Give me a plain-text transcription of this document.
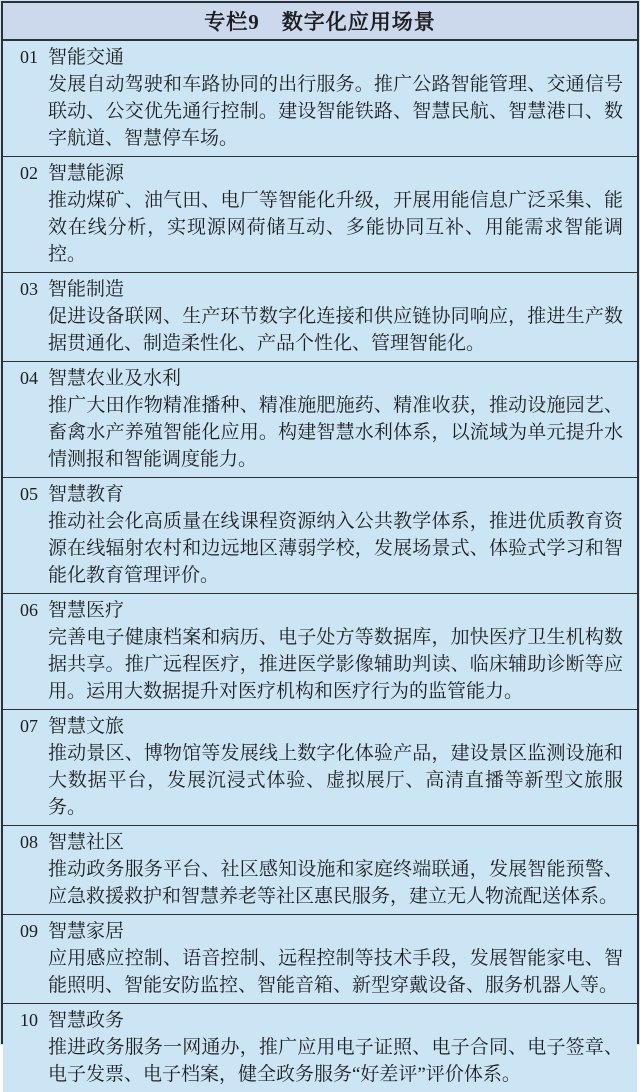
专栏9　数字化应用场景
01 智能交通

发展自动驾驶和车路协同的出行服务。推广公路智能管理、交通信号联动、公交优先通行控制。建设智能铁路、智慧民航、智慧港口、数字航道、智慧停车场。

02 智慧能源

推动煤矿、油气田、电厂等智能化升级，开展用能信息广泛采集、能效在线分析，实现源网荷储互动、多能协同互补、用能需求智能调控。

03 智能制造

促进设备联网、生产环节数字化连接和供应链协同响应，推进生产数据贯通化、制造柔性化、产品个性化、管理智能化。

04 智慧农业及水利

推广大田作物精准播种、精准施肥施药、精准收获，推动设施园艺、畜禽水产养殖智能化应用。构建智慧水利体系，以流域为单元提升水情测报和智能调度能力。

05 智慧教育

推动社会化高质量在线课程资源纳入公共教学体系，推进优质教育资源在线辐射农村和边远地区薄弱学校，发展场景式、体验式学习和智能化教育管理评价。

06 智慧医疗

完善电子健康档案和病历、电子处方等数据库，加快医疗卫生机构数据共享。推广远程医疗，推进医学影像辅助判读、临床辅助诊断等应用。运用大数据提升对医疗机构和医疗行为的监管能力。

07 智慧文旅

推动景区、博物馆等发展线上数字化体验产品，建设景区监测设施和大数据平台，发展沉浸式体验、虚拟展厅、高清直播等新型文旅服务。

08 智慧社区

推动政务服务平台、社区感知设施和家庭终端联通，发展智能预警、应急救援救护和智慧养老等社区惠民服务，建立无人物流配送体系。

09 智慧家居

应用感应控制、语音控制、远程控制等技术手段，发展智能家电、智能照明、智能安防监控、智能音箱、新型穿戴设备、服务机器人等。

10 智慧政务

推进政务服务一网通办，推广应用电子证照、电子合同、电子签章、电子发票、电子档案，健全政务服务“好差评”评价体系。
